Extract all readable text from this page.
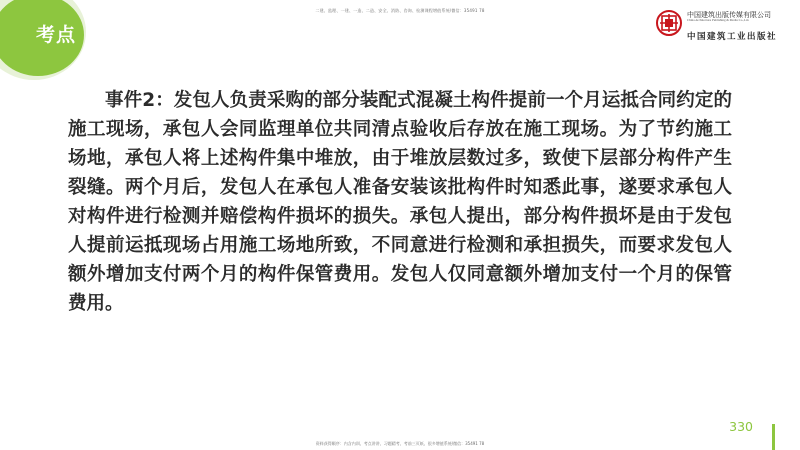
二建、监理、一建、一造、二造、安全、消防、咨询、检测课程增值系统/微信：35491 78
考点
中国建筑出版传媒有限公司
China Architecture Publishing & Media Co.,Ltd.
中国建筑工业出版社
事件2：发包人负责采购的部分装配式混凝土构件提前一个月运抵合同约定的施工现场，承包人会同监理单位共同清点验收后存放在施工现场。为了节约施工场地，承包人将上述构件集中堆放，由于堆放层数过多，致使下层部分构件产生裂缝。两个月后，发包人在承包人准备安装该批构件时知悉此事，遂要求承包人对构件进行检测并赔偿构件损坏的损失。承包人提出，部分构件损坏是由于发包人提前运抵现场占用施工场地所致，不同意进行检测和承担损失，而要求发包人额外增加支付两个月的构件保管费用。发包人仅同意额外增加支付一个月的保管费用。
330
资料获得顺序：内含内训、考点讲讲、习题精考、考前三页纸、很多增值系统/微信：35491 78
